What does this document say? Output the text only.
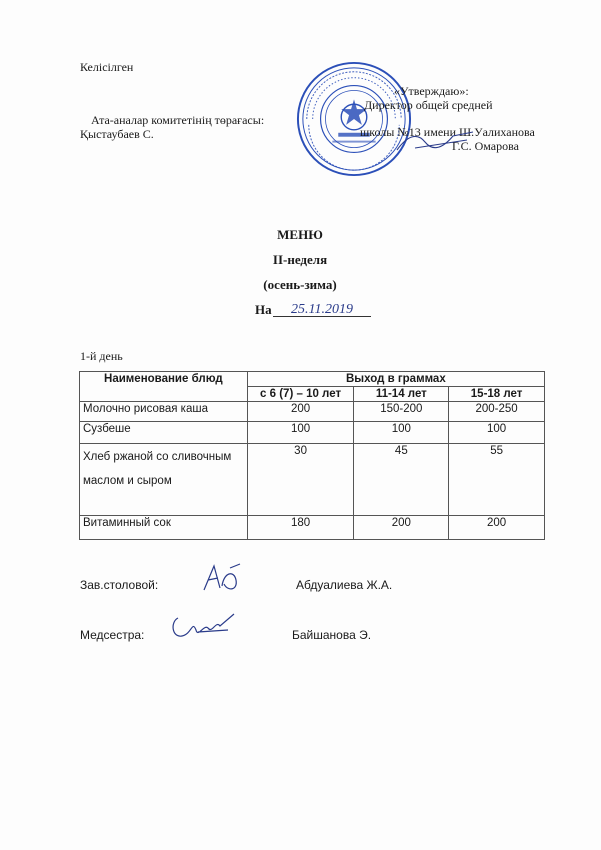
Келісілген
Ата-аналар комитетінің төрағасы:
Қыстаубаев С.
«Утверждаю»:
Директор общей средней
школы №13 имени Ш.Уалиханова
Г.С. Омарова
МЕНЮ
II-неделя
(осень-зима)
На	25.11.2019
1-й день
Наименование блюд	Выход в граммах		
	с 6 (7) – 10 лет	11-14 лет	15-18 лет
Молочно рисовая каша	200	150-200	200-250
Сузбеше	100	100	100
Хлеб ржаной со сливочным маслом и сыром	30	45	55
Витаминный сок	180	200	200
Зав.столовой:	Абдуалиева Ж.А.
Медсестра:	Байшанова Э.
